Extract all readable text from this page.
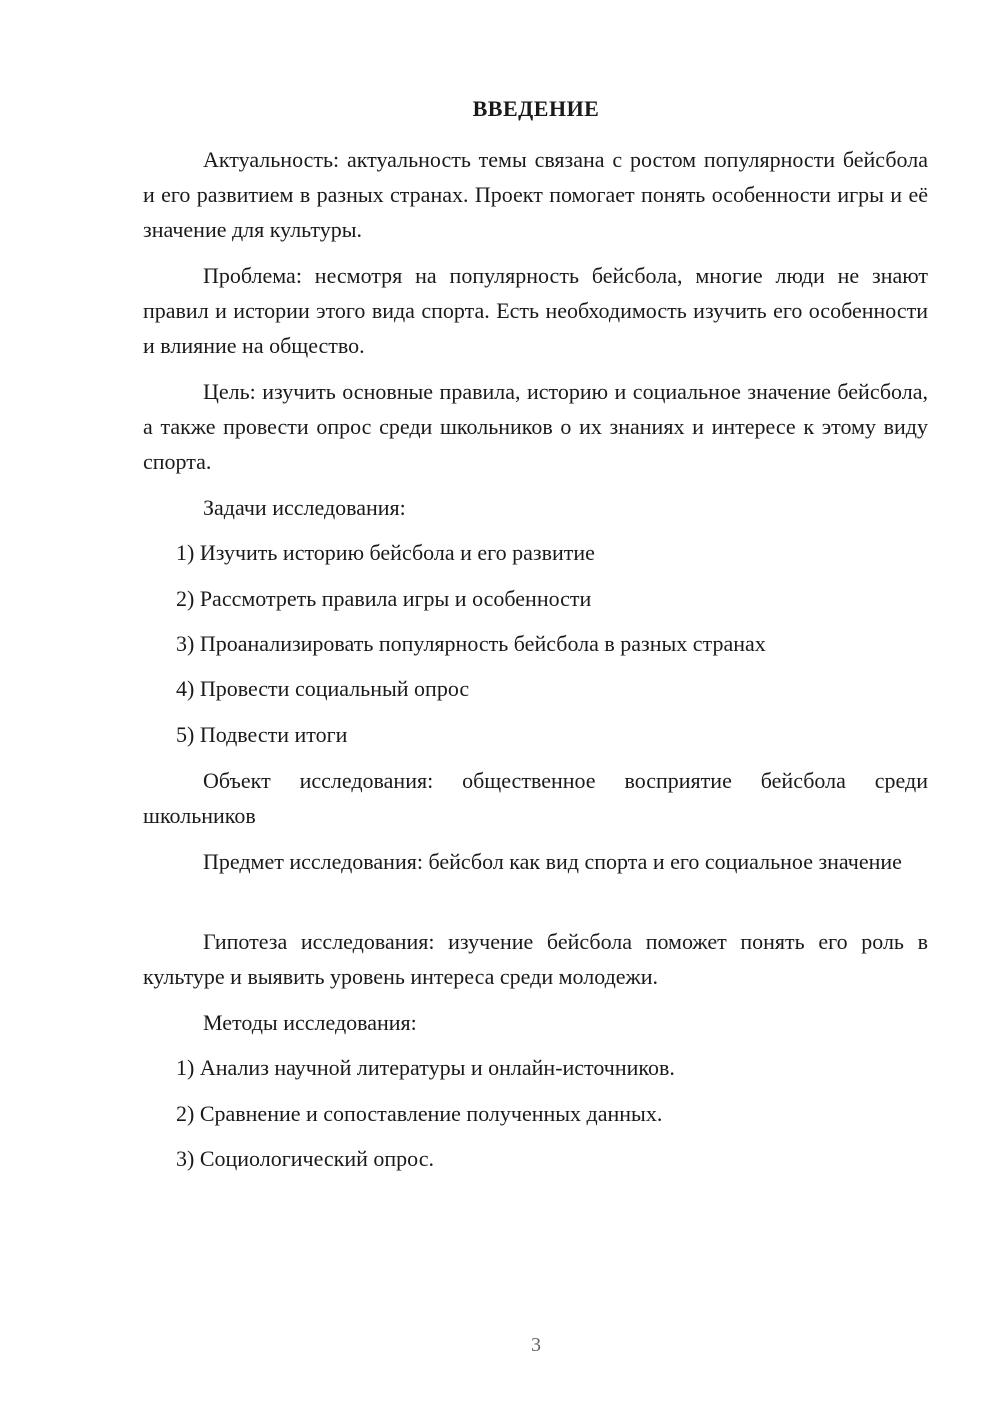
ВВЕДЕНИЕ

Актуальность: актуальность темы связана с ростом популярности бейсбола и его развитием в разных странах. Проект помогает понять особенности игры и её значение для культуры.

Проблема: несмотря на популярность бейсбола, многие люди не знают правил и истории этого вида спорта. Есть необходимость изучить его особенности и влияние на общество.

Цель: изучить основные правила, историю и социальное значение бейсбола, а также провести опрос среди школьников о их знаниях и интересе к этому виду спорта.

Задачи исследования:

1) Изучить историю бейсбола и его развитие

2) Рассмотреть правила игры и особенности

3) Проанализировать популярность бейсбола в разных странах

4) Провести социальный опрос

5) Подвести итоги

Объект исследования: общественное восприятие бейсбола среди школьников

Предмет исследования: бейсбол как вид спорта и его социальное значение

Гипотеза исследования: изучение бейсбола поможет понять его роль в культуре и выявить уровень интереса среди молодежи.

Методы исследования:

1) Анализ научной литературы и онлайн-источников.

2) Сравнение и сопоставление полученных данных.

3) Социологический опрос.

3
